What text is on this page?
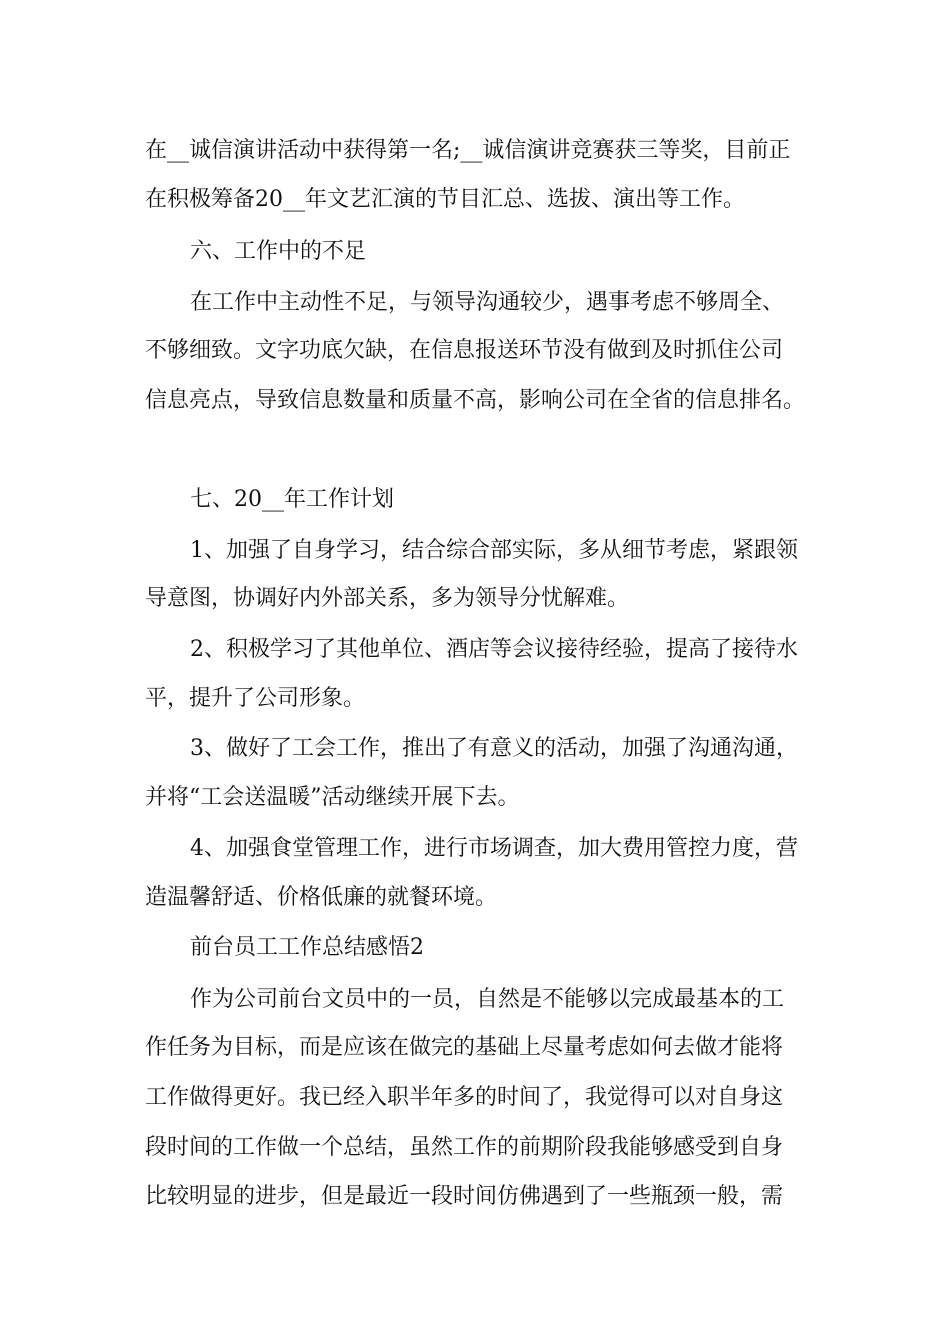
在__诚信演讲活动中获得第一名;__诚信演讲竞赛获三等奖，目前正
在积极筹备20__年文艺汇演的节目汇总、选拔、演出等工作。
六、工作中的不足
在工作中主动性不足，与领导沟通较少，遇事考虑不够周全、
不够细致。文字功底欠缺，在信息报送环节没有做到及时抓住公司
信息亮点，导致信息数量和质量不高，影响公司在全省的信息排名。
七、20__年工作计划
1、加强了自身学习，结合综合部实际，多从细节考虑，紧跟领
导意图，协调好内外部关系，多为领导分忧解难。
2、积极学习了其他单位、酒店等会议接待经验，提高了接待水
平，提升了公司形象。
3、做好了工会工作，推出了有意义的活动，加强了沟通沟通，
并将“工会送温暖”活动继续开展下去。
4、加强食堂管理工作，进行市场调查，加大费用管控力度，营
造温馨舒适、价格低廉的就餐环境。
前台员工工作总结感悟2
作为公司前台文员中的一员，自然是不能够以完成最基本的工
作任务为目标，而是应该在做完的基础上尽量考虑如何去做才能将
工作做得更好。我已经入职半年多的时间了，我觉得可以对自身这
段时间的工作做一个总结，虽然工作的前期阶段我能够感受到自身
比较明显的进步，但是最近一段时间仿佛遇到了一些瓶颈一般，需
